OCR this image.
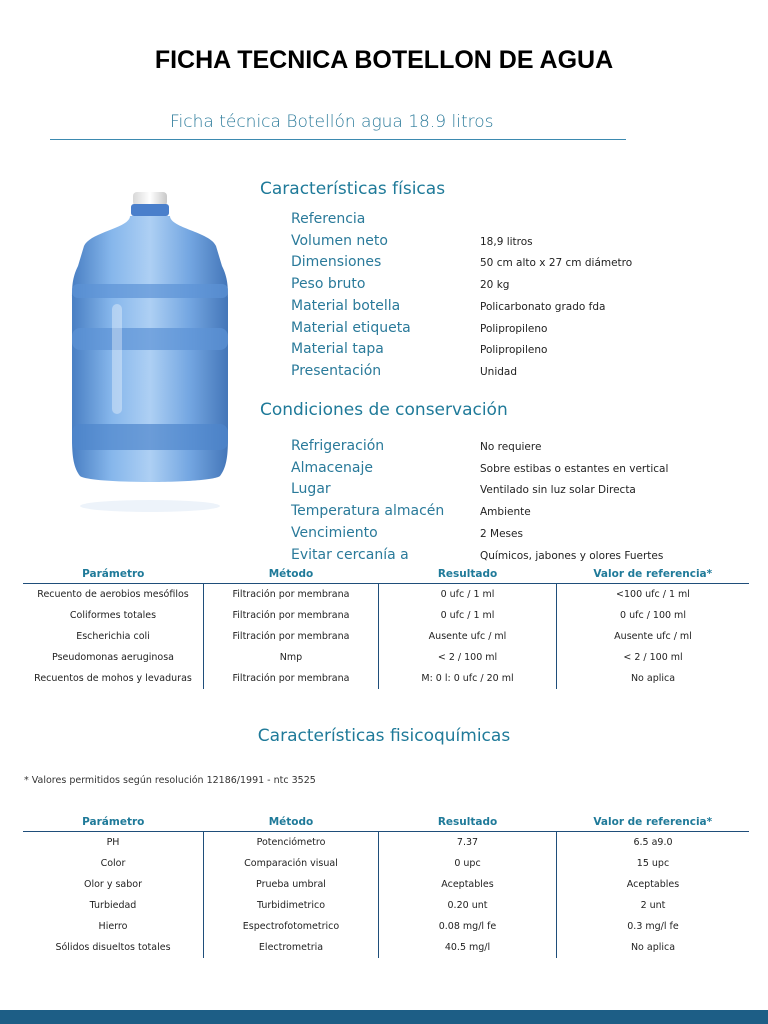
FICHA TECNICA BOTELLON DE AGUA
Ficha técnica Botellón agua 18.9 litros
Características físicas
Referencia
Volumen neto	18,9 litros
Dimensiones	50 cm alto x 27 cm diámetro
Peso bruto	20 kg
Material botella	Policarbonato grado fda
Material etiqueta	Polipropileno
Material tapa	Polipropileno
Presentación	Unidad
Condiciones de conservación
Refrigeración	No requiere
Almacenaje	Sobre estibas o estantes en vertical
Lugar	Ventilado sin luz solar Directa
Temperatura almacén	Ambiente
Vencimiento	2 Meses
Evitar cercanía a	Químicos, jabones y olores Fuertes
Parámetro	Método	Resultado	Valor de referencia*
Recuento de aerobios mesófilos	Filtración por membrana	0 ufc / 1 ml	<100 ufc / 1 ml
Coliformes totales	Filtración por membrana	0 ufc / 1 ml	0 ufc / 100 ml
Escherichia coli	Filtración por membrana	Ausente ufc / ml	Ausente ufc / ml
Pseudomonas aeruginosa	Nmp	< 2 / 100 ml	< 2 / 100 ml
Recuentos de mohos y levaduras	Filtración por membrana	M: 0 l: 0 ufc / 20 ml	No aplica
Características fisicoquímicas
* Valores permitidos según resolución 12186/1991 - ntc 3525
Parámetro	Método	Resultado	Valor de referencia*
PH	Potenciómetro	7.37	6.5 a9.0
Color	Comparación visual	0 upc	15 upc
Olor y sabor	Prueba umbral	Aceptables	Aceptables
Turbiedad	Turbidimetrico	0.20 unt	2 unt
Hierro	Espectrofotometrico	0.08 mg/l fe	0.3 mg/l fe
Sólidos disueltos totales	Electrometria	40.5 mg/l	No aplica
